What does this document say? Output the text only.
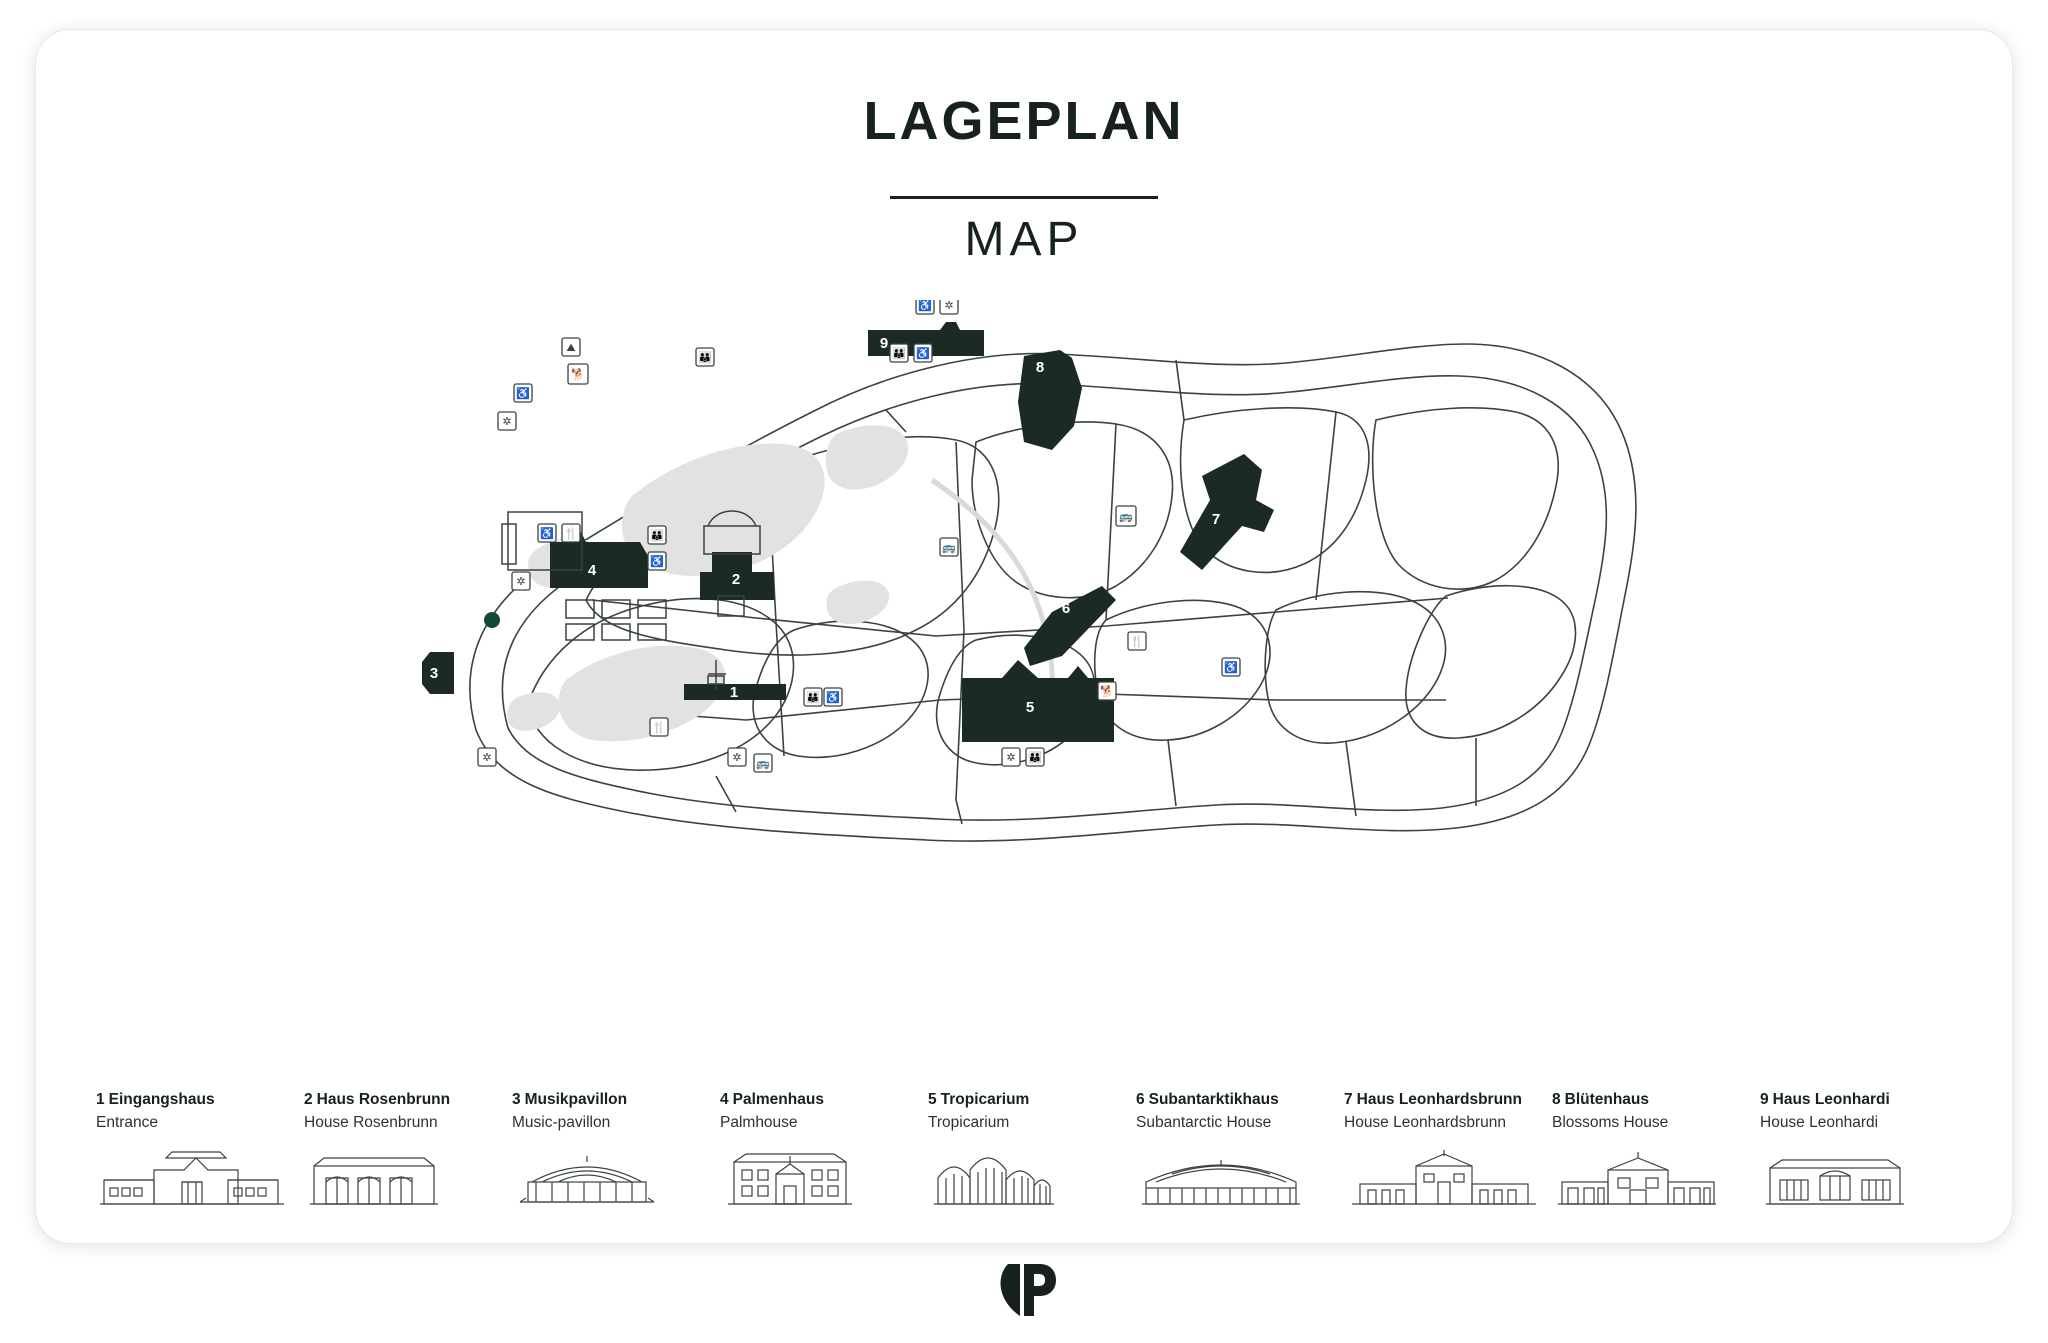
LAGEPLAN
MAP
9
8
7
6
5
4
3
2
1
♿
✲
⛰
🐕
👪
♿ ✲
👪 ♿
🚌
♿ 🍴	👪
♿
✲
🚌
🍴
🐕
♿
👪 ♿
🍴
✲	✲ 🚌	✲ 👪
1 Eingangshaus
Entrance
2 Haus Rosenbrunn
House Rosenbrunn
3 Musikpavillon
Music-pavillon
4 Palmenhaus
Palmhouse
5 Tropicarium
Tropicarium
6 Subantarktikhaus
Subantarctic House
7 Haus Leonhardsbrunn
House Leonhardsbrunn
8 Blütenhaus
Blossoms House
9 Haus Leonhardi
House Leonhardi
